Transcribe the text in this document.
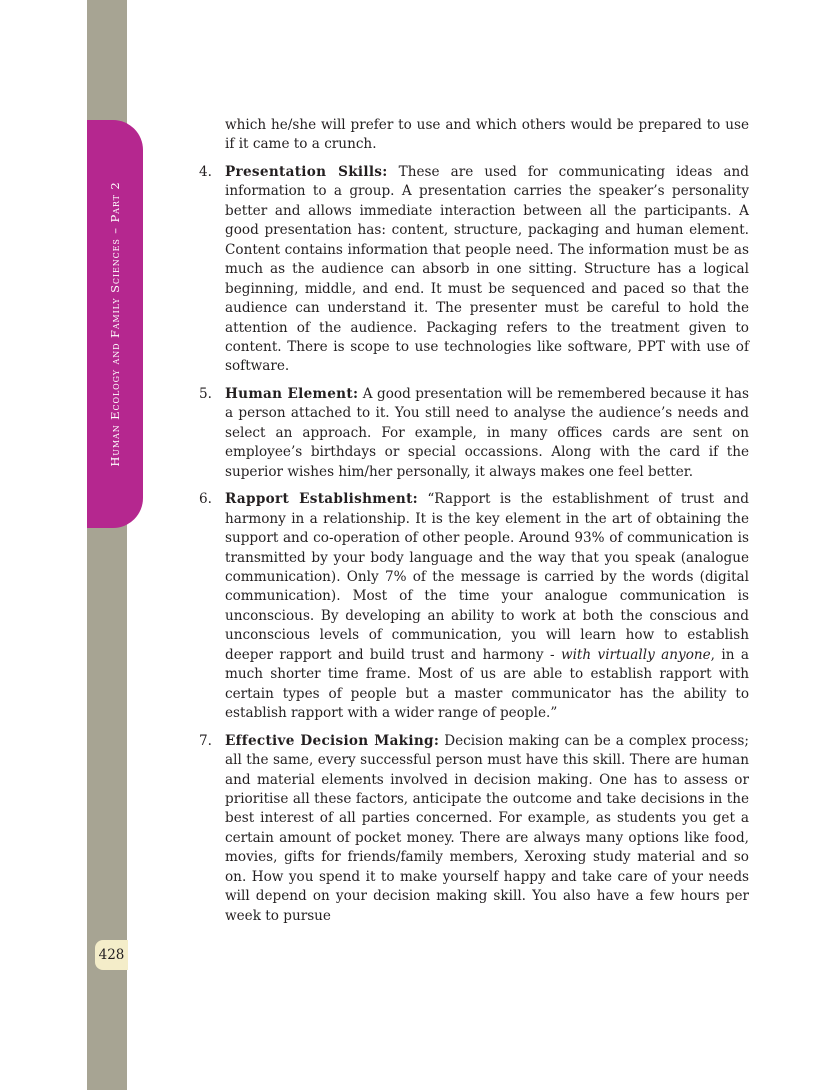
Human Ecology and Family Sciences – Part 2
428

which he/she will prefer to use and which others would be prepared to use if it came to a crunch.

4. Presentation Skills: These are used for communicating ideas and information to a group. A presentation carries the speaker’s personality better and allows immediate interaction between all the participants. A good presentation has: content, structure, packaging and human element. Content contains information that people need. The information must be as much as the audience can absorb in one sitting. Structure has a logical beginning, middle, and end. It must be sequenced and paced so that the audience can understand it. The presenter must be careful to hold the attention of the audience. Packaging refers to the treatment given to content. There is scope to use technologies like software, PPT with use of software.

5. Human Element: A good presentation will be remembered because it has a person attached to it. You still need to analyse the audience’s needs and select an approach. For example, in many offices cards are sent on employee’s birthdays or special occassions. Along with the card if the superior wishes him/her personally, it always makes one feel better.

6. Rapport Establishment: “Rapport is the establishment of trust and harmony in a relationship. It is the key element in the art of obtaining the support and co-operation of other people. Around 93% of communication is transmitted by your body language and the way that you speak (analogue communication). Only 7% of the message is carried by the words (digital communication). Most of the time your analogue communication is unconscious. By developing an ability to work at both the conscious and unconscious levels of communication, you will learn how to establish deeper rapport and build trust and harmony - with virtually anyone, in a much shorter time frame. Most of us are able to establish rapport with certain types of people but a master communicator has the ability to establish rapport with a wider range of people.”

7. Effective Decision Making: Decision making can be a complex process; all the same, every successful person must have this skill. There are human and material elements involved in decision making. One has to assess or prioritise all these factors, anticipate the outcome and take decisions in the best interest of all parties concerned. For example, as students you get a certain amount of pocket money. There are always many options like food, movies, gifts for friends/family members, Xeroxing study material and so on. How you spend it to make yourself happy and take care of your needs will depend on your decision making skill. You also have a few hours per week to pursue
